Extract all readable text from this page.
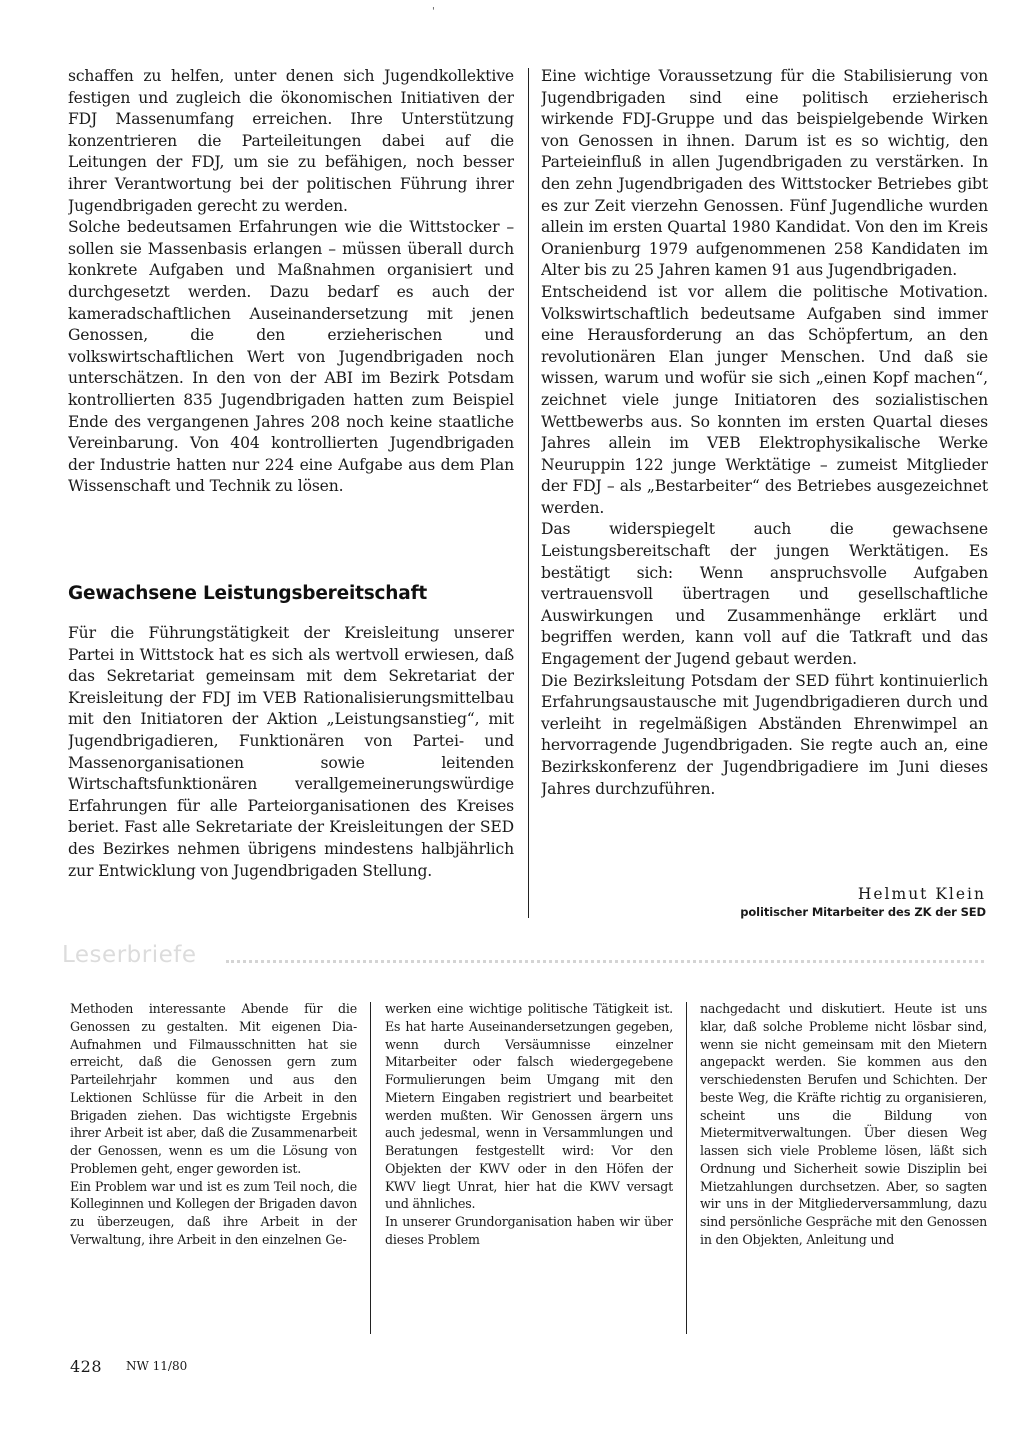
'

schaffen zu helfen, unter denen sich Jugendkollektive festigen und zugleich die ökonomischen Initiativen der FDJ Massenumfang erreichen. Ihre Unterstützung konzentrieren die Parteileitungen dabei auf die Leitungen der FDJ, um sie zu befähigen, noch besser ihrer Verantwortung bei der politischen Führung ihrer Jugendbrigaden gerecht zu werden.

Solche bedeutsamen Erfahrungen wie die Wittstocker – sollen sie Massenbasis erlangen – müssen überall durch konkrete Aufgaben und Maßnahmen organisiert und durchgesetzt werden. Dazu bedarf es auch der kameradschaftlichen Auseinandersetzung mit jenen Genossen, die den erzieherischen und volkswirtschaftlichen Wert von Jugendbrigaden noch unterschätzen. In den von der ABI im Bezirk Potsdam kontrollierten 835 Jugendbrigaden hatten zum Beispiel Ende des vergangenen Jahres 208 noch keine staatliche Vereinbarung. Von 404 kontrollierten Jugendbrigaden der Industrie hatten nur 224 eine Aufgabe aus dem Plan Wissenschaft und Technik zu lösen.

Gewachsene Leistungsbereitschaft

Für die Führungstätigkeit der Kreisleitung unserer Partei in Wittstock hat es sich als wertvoll erwiesen, daß das Sekretariat gemeinsam mit dem Sekretariat der Kreisleitung der FDJ im VEB Rationalisierungsmittelbau mit den Initiatoren der Aktion „Leistungsanstieg“, mit Jugendbrigadieren, Funktionären von Partei- und Massenorganisationen sowie leitenden Wirtschaftsfunktionären verallgemeinerungswürdige Erfahrungen für alle Parteiorganisationen des Kreises beriet. Fast alle Sekretariate der Kreisleitungen der SED des Bezirkes nehmen übrigens mindestens halbjährlich zur Entwicklung von Jugendbrigaden Stellung.

Eine wichtige Voraussetzung für die Stabilisierung von Jugendbrigaden sind eine politisch erzieherisch wirkende FDJ-Gruppe und das beispielgebende Wirken von Genossen in ihnen. Darum ist es so wichtig, den Parteieinfluß in allen Jugendbrigaden zu verstärken. In den zehn Jugendbrigaden des Wittstocker Betriebes gibt es zur Zeit vierzehn Genossen. Fünf Jugendliche wurden allein im ersten Quartal 1980 Kandidat. Von den im Kreis Oranienburg 1979 aufgenommenen 258 Kandidaten im Alter bis zu 25 Jahren kamen 91 aus Jugendbrigaden.

Entscheidend ist vor allem die politische Motivation. Volkswirtschaftlich bedeutsame Aufgaben sind immer eine Herausforderung an das Schöpfertum, an den revolutionären Elan junger Menschen. Und daß sie wissen, warum und wofür sie sich „einen Kopf machen“, zeichnet viele junge Initiatoren des sozialistischen Wettbewerbs aus. So konnten im ersten Quartal dieses Jahres allein im VEB Elektrophysikalische Werke Neuruppin 122 junge Werktätige – zumeist Mitglieder der FDJ – als „Bestarbeiter“ des Betriebes ausgezeichnet werden.

Das widerspiegelt auch die gewachsene Leistungsbereitschaft der jungen Werktätigen. Es bestätigt sich: Wenn anspruchsvolle Aufgaben vertrauensvoll übertragen und gesellschaftliche Auswirkungen und Zusammenhänge erklärt und begriffen werden, kann voll auf die Tatkraft und das Engagement der Jugend gebaut werden.

Die Bezirksleitung Potsdam der SED führt kontinuierlich Erfahrungsaustausche mit Jugendbrigadieren durch und verleiht in regelmäßigen Abständen Ehrenwimpel an hervorragende Jugendbrigaden. Sie regte auch an, eine Bezirkskonferenz der Jugendbrigadiere im Juni dieses Jahres durchzuführen.

Helmut Klein

politischer Mitarbeiter des ZK der SED

Leserbriefe

Methoden interessante Abende für die Genossen zu gestalten. Mit eigenen Dia-Aufnahmen und Filmausschnitten hat sie erreicht, daß die Genossen gern zum Parteilehrjahr kommen und aus den Lektionen Schlüsse für die Arbeit in den Brigaden ziehen. Das wichtigste Ergebnis ihrer Arbeit ist aber, daß die Zusammenarbeit der Genossen, wenn es um die Lösung von Problemen geht, enger geworden ist.

Ein Problem war und ist es zum Teil noch, die Kolleginnen und Kollegen der Brigaden davon zu überzeugen, daß ihre Arbeit in der Verwaltung, ihre Arbeit in den einzelnen Ge-

werken eine wichtige politische Tätigkeit ist. Es hat harte Auseinandersetzungen gegeben, wenn durch Versäumnisse einzelner Mitarbeiter oder falsch wiedergegebene Formulierungen beim Umgang mit den Mietern Eingaben registriert und bearbeitet werden mußten. Wir Genossen ärgern uns auch jedesmal, wenn in Versammlungen und Beratungen festgestellt wird: Vor den Objekten der KWV oder in den Höfen der KWV liegt Unrat, hier hat die KWV versagt und ähnliches.

In unserer Grundorganisation haben wir über dieses Problem

nachgedacht und diskutiert. Heute ist uns klar, daß solche Probleme nicht lösbar sind, wenn sie nicht gemeinsam mit den Mietern angepackt werden. Sie kommen aus den verschiedensten Berufen und Schichten. Der beste Weg, die Kräfte richtig zu organisieren, scheint uns die Bildung von Mietermitverwaltungen. Über diesen Weg lassen sich viele Probleme lösen, läßt sich Ordnung und Sicherheit sowie Disziplin bei Mietzahlungen durchsetzen. Aber, so sagten wir uns in der Mitgliederversammlung, dazu sind persönliche Gespräche mit den Genossen in den Objekten, Anleitung und

428 NW 11/80
